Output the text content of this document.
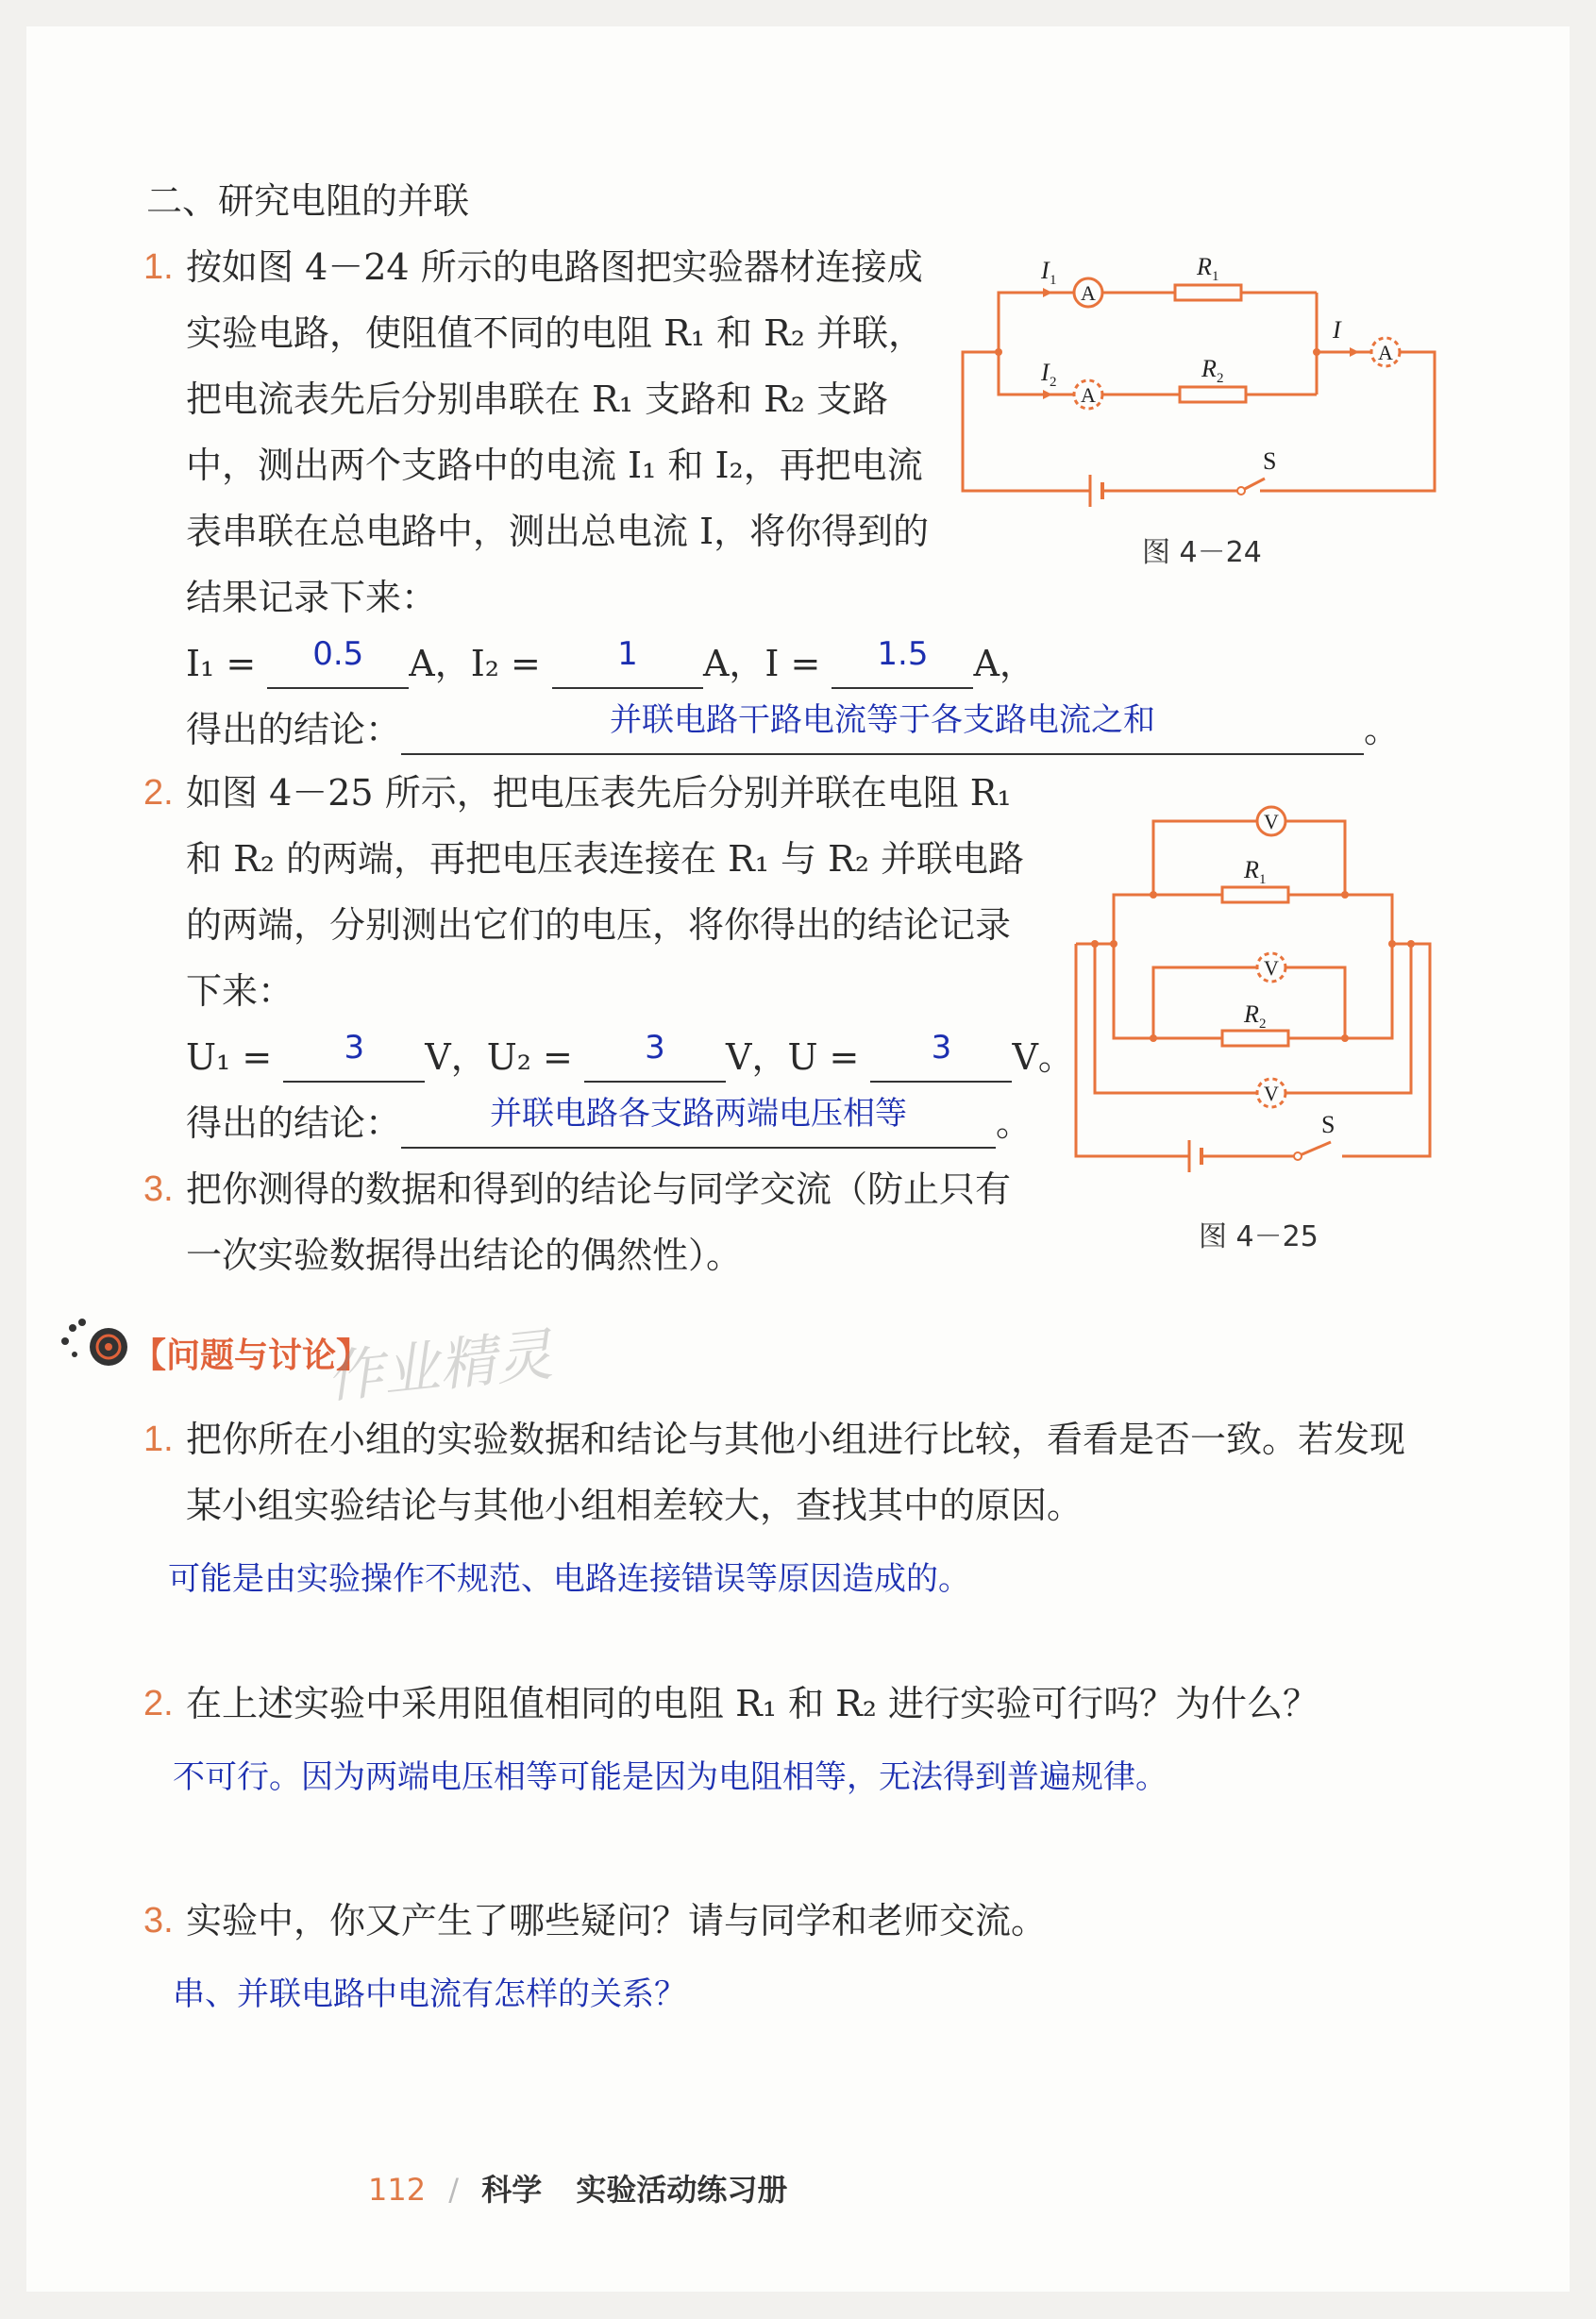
二、研究电阻的并联
1. 按如图 4－24 所示的电路图把实验器材连接成
实验电路，使阻值不同的电阻 R₁ 和 R₂ 并联，
把电流表先后分别串联在 R₁ 支路和 R₂ 支路
中，测出两个支路中的电流 I₁ 和 I₂，再把电流
表串联在总电路中，测出总电流 I，将你得到的
结果记录下来：
I₁ = 0.5 A，I₂ = 1 A，I = 1.5 A，
得出的结论：	并联电路干路电流等于各支路电流之和	。
A
A
A
I 1
I 2
I
R 1
R 2
S
图 4－24
2. 如图 4－25 所示，把电压表先后分别并联在电阻 R₁
和 R₂ 的两端，再把电压表连接在 R₁ 与 R₂ 并联电路
的两端，分别测出它们的电压，将你得出的结论记录
下来：
U₁ = 3 V，U₂ = 3 V，U = 3 V。
得出的结论：	并联电路各支路两端电压相等 。
V
V
V
R 1
R 2
S
图 4－25
3. 把你测得的数据和得到的结论与同学交流（防止只有
一次实验数据得出结论的偶然性）。
【问题与讨论】
作业精灵
1. 把你所在小组的实验数据和结论与其他小组进行比较，看看是否一致。若发现
某小组实验结论与其他小组相差较大，查找其中的原因。
可能是由实验操作不规范、电路连接错误等原因造成的。
2. 在上述实验中采用阻值相同的电阻 R₁ 和 R₂ 进行实验可行吗？为什么？
不可行。因为两端电压相等可能是因为电阻相等，无法得到普遍规律。
3. 实验中，你又产生了哪些疑问？请与同学和老师交流。
串、并联电路中电流有怎样的关系？
112 / 科学 实验活动练习册
